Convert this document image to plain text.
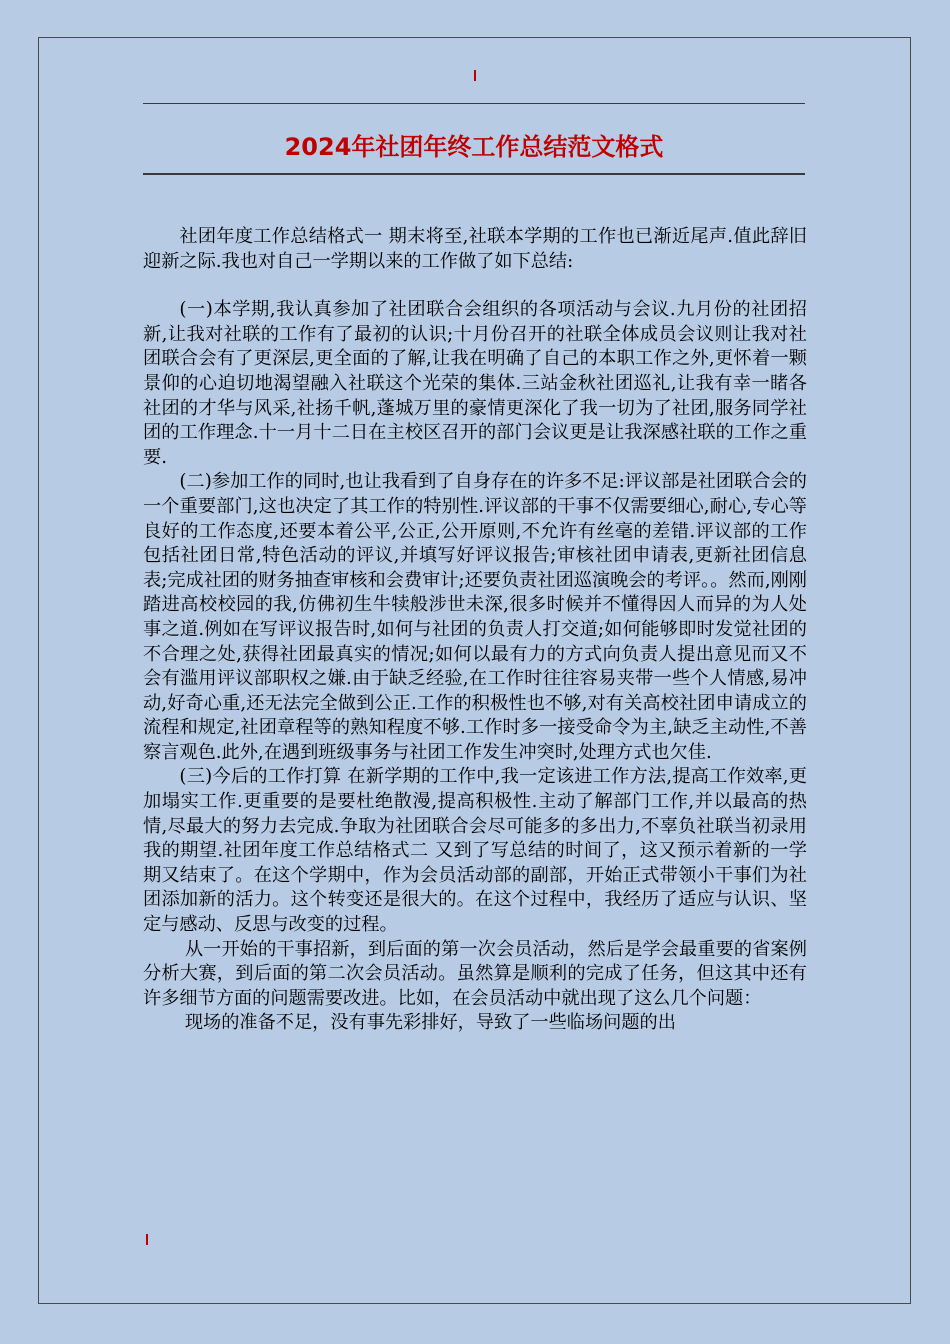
2024年社团年终工作总结范文格式

社团年度工作总结格式一 期末将至,社联本学期的工作也已渐近尾声.值此辞旧迎新之际.我也对自己一学期以来的工作做了如下总结:

(一)本学期,我认真参加了社团联合会组织的各项活动与会议.九月份的社团招新,让我对社联的工作有了最初的认识;十月份召开的社联全体成员会议则让我对社团联合会有了更深层,更全面的了解,让我在明确了自己的本职工作之外,更怀着一颗景仰的心迫切地渴望融入社联这个光荣的集体.三站金秋社团巡礼,让我有幸一睹各社团的才华与风采,社扬千帆,蓬城万里的豪情更深化了我一切为了社团,服务同学社团的工作理念.十一月十二日在主校区召开的部门会议更是让我深感社联的工作之重要.

(二)参加工作的同时,也让我看到了自身存在的许多不足:评议部是社团联合会的一个重要部门,这也决定了其工作的特别性.评议部的干事不仅需要细心,耐心,专心等良好的工作态度,还要本着公平,公正,公开原则,不允许有丝毫的差错.评议部的工作包括社团日常,特色活动的评议,并填写好评议报告;审核社团申请表,更新社团信息表;完成社团的财务抽查审核和会费审计;还要负责社团巡演晚会的考评。。然而,刚刚踏进高校校园的我,仿佛初生牛犊般涉世未深,很多时候并不懂得因人而异的为人处事之道.例如在写评议报告时,如何与社团的负责人打交道;如何能够即时发觉社团的不合理之处,获得社团最真实的情况;如何以最有力的方式向负责人提出意见而又不会有滥用评议部职权之嫌.由于缺乏经验,在工作时往往容易夹带一些个人情感,易冲动,好奇心重,还无法完全做到公正.工作的积极性也不够,对有关高校社团申请成立的流程和规定,社团章程等的熟知程度不够.工作时多一接受命令为主,缺乏主动性,不善察言观色.此外,在遇到班级事务与社团工作发生冲突时,处理方式也欠佳.

(三)今后的工作打算 在新学期的工作中,我一定该进工作方法,提高工作效率,更加塌实工作.更重要的是要杜绝散漫,提高积极性.主动了解部门工作,并以最高的热情,尽最大的努力去完成.争取为社团联合会尽可能多的多出力,不辜负社联当初录用我的期望.社团年度工作总结格式二 又到了写总结的时间了，这又预示着新的一学期又结束了。在这个学期中，作为会员活动部的副部，开始正式带领小干事们为社团添加新的活力。这个转变还是很大的。在这个过程中，我经历了适应与认识、坚定与感动、反思与改变的过程。

从一开始的干事招新，到后面的第一次会员活动，然后是学会最重要的省案例分析大赛，到后面的第二次会员活动。虽然算是顺利的完成了任务，但这其中还有许多细节方面的问题需要改进。比如，在会员活动中就出现了这么几个问题：

现场的准备不足，没有事先彩排好，导致了一些临场问题的出
